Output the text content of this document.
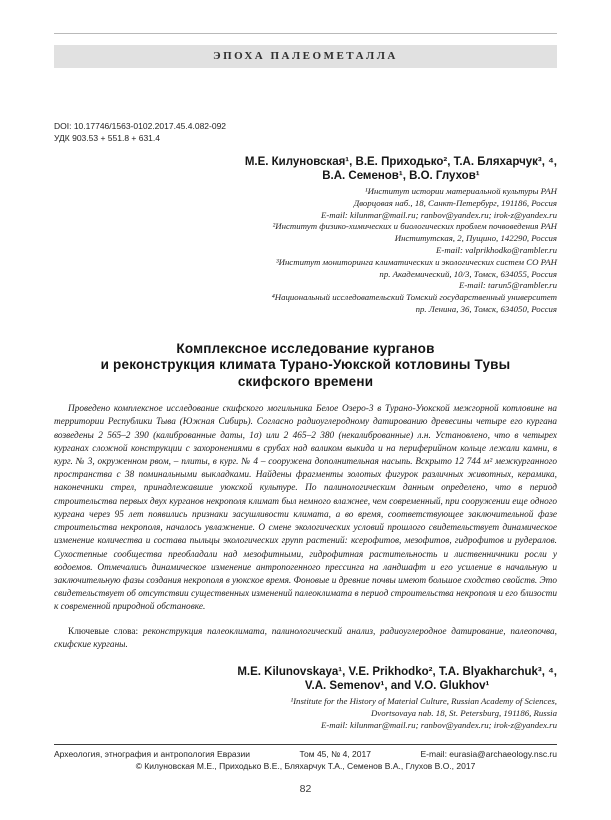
ЭПОХА ПАЛЕОМЕТАЛЛА
DOI: 10.17746/1563-0102.2017.45.4.082-092
УДК 903.53 + 551.8 + 631.4
М.Е. Килуновская¹, В.Е. Приходько², Т.А. Бляхарчук³, ⁴,
В.А. Семенов¹, В.О. Глухов¹
¹Институт истории материальной культуры РАН
Дворцовая наб., 18, Санкт-Петербург, 191186, Россия
E-mail: kilunmar@mail.ru; ranbov@yandex.ru; irok-z@yandex.ru
²Институт физико-химических и биологических проблем почвоведения РАН
Институтская, 2, Пущино, 142290, Россия
E-mail: valprikhodko@rambler.ru
³Институт мониторинга климатических и экологических систем СО РАН
пр. Академический, 10/3, Томск, 634055, Россия
E-mail: tarun5@rambler.ru
⁴Национальный исследовательский Томский государственный университет
пр. Ленина, 36, Томск, 634050, Россия
Комплексное исследование курганов
и реконструкция климата Турано-Уюкской котловины Тувы
скифского времени

Проведено комплексное исследование скифского могильника Белое Озеро-3 в Турано-Уюкской межгорной котловине на территории Республики Тыва (Южная Сибирь). Согласно радиоуглеродному датированию древесины четыре его кургана возведены 2 565–2 390 (калиброванные даты, 1σ) или 2 465–2 380 (некалиброванные) л.н. Установлено, что в четырех курганах сложной конструкции с захоронениями в срубах над валиком выкида и на периферийном кольце лежали камни, в кург. № 3, окруженном рвом, – плиты, в кург. № 4 – сооружена дополнительная насыпь. Вскрыто 12 744 м² межкурганного пространства с 38 поминальными выкладками. Найдены фрагменты золотых фигурок различных животных, керамика, наконечники стрел, принадлежавшие уюкской культуре. По палинологическим данным определено, что в период строительства первых двух курганов некрополя климат был немного влажнее, чем современный, при сооружении еще одного кургана через 95 лет появились признаки засушливости климата, а во время, соответствующее заключительной фазе строительства некрополя, началось увлажнение. О смене экологических условий прошлого свидетельствует динамическое изменение количества и состава пыльцы экологических групп растений: ксерофитов, мезофитов, гидрофитов и рудералов. Сухостепные сообщества преобладали над мезофитными, гидрофитная растительность и лиственничники росли у водоемов. Отмечались динамическое изменение антропогенного прессинга на ландшафт и его усиление в начальную и заключительную фазы создания некрополя в уюкское время. Фоновые и древние почвы имеют большое сходство свойств. Это свидетельствует об отсутствии существенных изменений палеоклимата в период строительства некрополя и его близости к современной природной обстановке.

Ключевые слова: реконструкция палеоклимата, палинологический анализ, радиоуглеродное датирование, палеопочва, скифские курганы.

M.E. Kilunovskaya¹, V.E. Prikhodko², T.A. Blyakharchuk³, ⁴,
V.A. Semenov¹, and V.O. Glukhov¹
¹Institute for the History of Material Culture, Russian Academy of Sciences,
Dvortsovaya nab. 18, St. Petersburg, 191186, Russia
E-mail: kilunmar@mail.ru; ranbov@yandex.ru; irok-z@yandex.ru
Археология, этнография и антропология Евразии	Том 45, № 4, 2017	E-mail: eurasia@archaeology.nsc.ru
© Килуновская М.Е., Приходько В.Е., Бляхарчук Т.А., Семенов В.А., Глухов В.О., 2017
82
